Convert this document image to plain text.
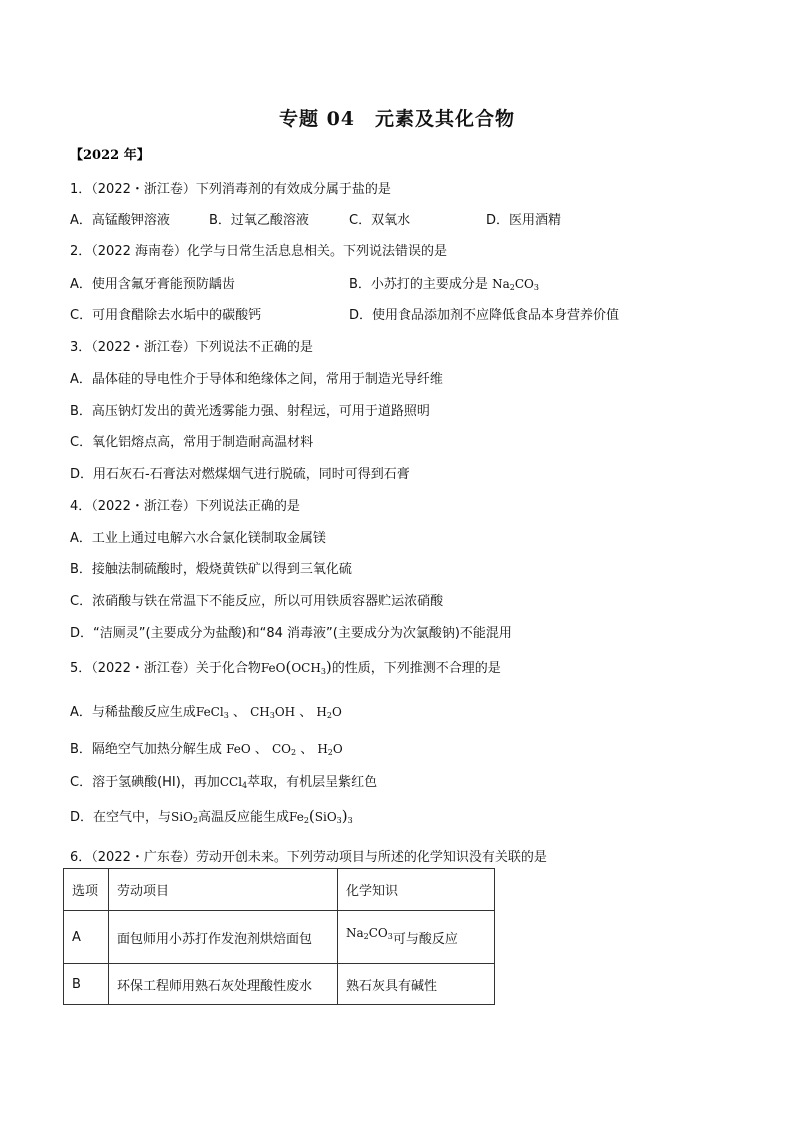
专题 04　元素及其化合物
【2022 年】
1．（2022・浙江卷）下列消毒剂的有效成分属于盐的是
A．高锰酸钾溶液	B．过氧乙酸溶液	C．双氧水	D．医用酒精
2．（2022 海南卷）化学与日常生活息息相关。下列说法错误的是
A．使用含氟牙膏能预防龋齿	B．小苏打的主要成分是 $Na_2CO_3$
C．可用食醋除去水垢中的碳酸钙	D．使用食品添加剂不应降低食品本身营养价值
3．（2022・浙江卷）下列说法不正确的是
A．晶体硅的导电性介于导体和绝缘体之间，常用于制造光导纤维
B．高压钠灯发出的黄光透雾能力强、射程远，可用于道路照明
C．氧化铝熔点高，常用于制造耐高温材料
D．用石灰石-石膏法对燃煤烟气进行脱硫，同时可得到石膏
4．（2022・浙江卷）下列说法正确的是
A．工业上通过电解六水合氯化镁制取金属镁
B．接触法制硫酸时，煅烧黄铁矿以得到三氧化硫
C．浓硝酸与铁在常温下不能反应，所以可用铁质容器贮运浓硝酸
D．“洁厕灵”(主要成分为盐酸)和“84 消毒液”(主要成分为次氯酸钠)不能混用
5．（2022・浙江卷）关于化合物$FeO(OCH_3)$的性质，下列推测不合理的是
A．与稀盐酸反应生成FeCl$_3$ 、 $CH_3OH$ 、 $H_2O$
B．隔绝空气加热分解生成 FeO 、 $CO_2$ 、 $H_2O$
C．溶于氢碘酸(HI)，再加CCl$_4$萃取，有机层呈紫红色
D．在空气中，与SiO$_2$高温反应能生成$Fe_2(SiO_3)_3$
6．（2022・广东卷）劳动开创未来。下列劳动项目与所述的化学知识没有关联的是
选项	劳动项目	化学知识
A	面包师用小苏打作发泡剂烘焙面包	$Na_2CO_3$可与酸反应
B	环保工程师用熟石灰处理酸性废水	熟石灰具有碱性
